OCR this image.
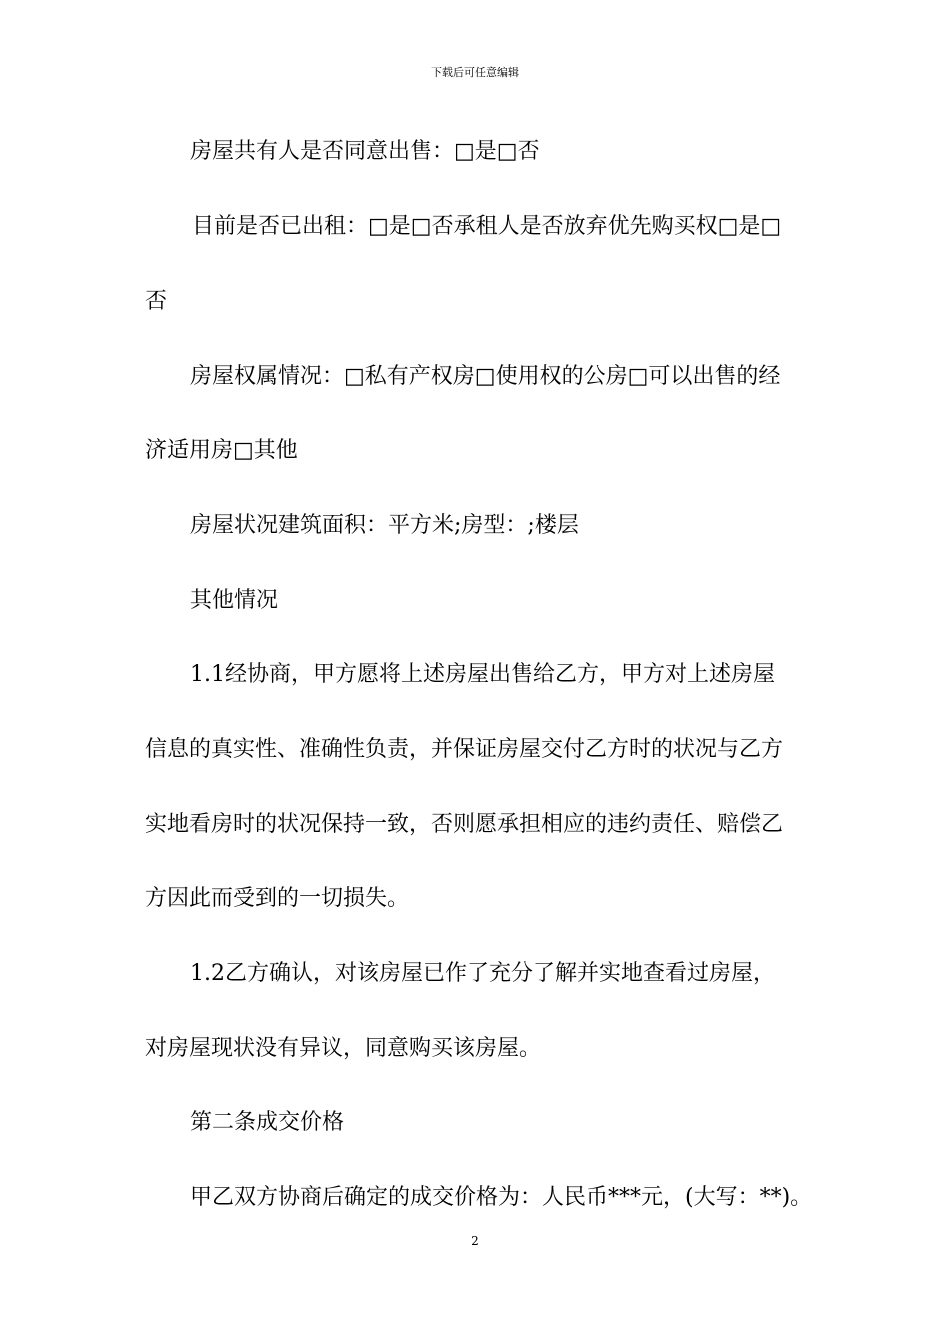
下载后可任意编辑
房屋共有人是否同意出售：□是□否
目前是否已出租：□是□否承租人是否放弃优先购买权□是□
否
房屋权属情况：□私有产权房□使用权的公房□可以出售的经
济适用房□其他
房屋状况建筑面积：平方米;房型：;楼层
其他情况
1.1经协商，甲方愿将上述房屋出售给乙方，甲方对上述房屋
信息的真实性、准确性负责，并保证房屋交付乙方时的状况与乙方
实地看房时的状况保持一致，否则愿承担相应的违约责任、赔偿乙
方因此而受到的一切损失。
1.2乙方确认，对该房屋已作了充分了解并实地查看过房屋，
对房屋现状没有异议，同意购买该房屋。
第二条成交价格
甲乙双方协商后确定的成交价格为：人民币***元，(大写：**)。
2
